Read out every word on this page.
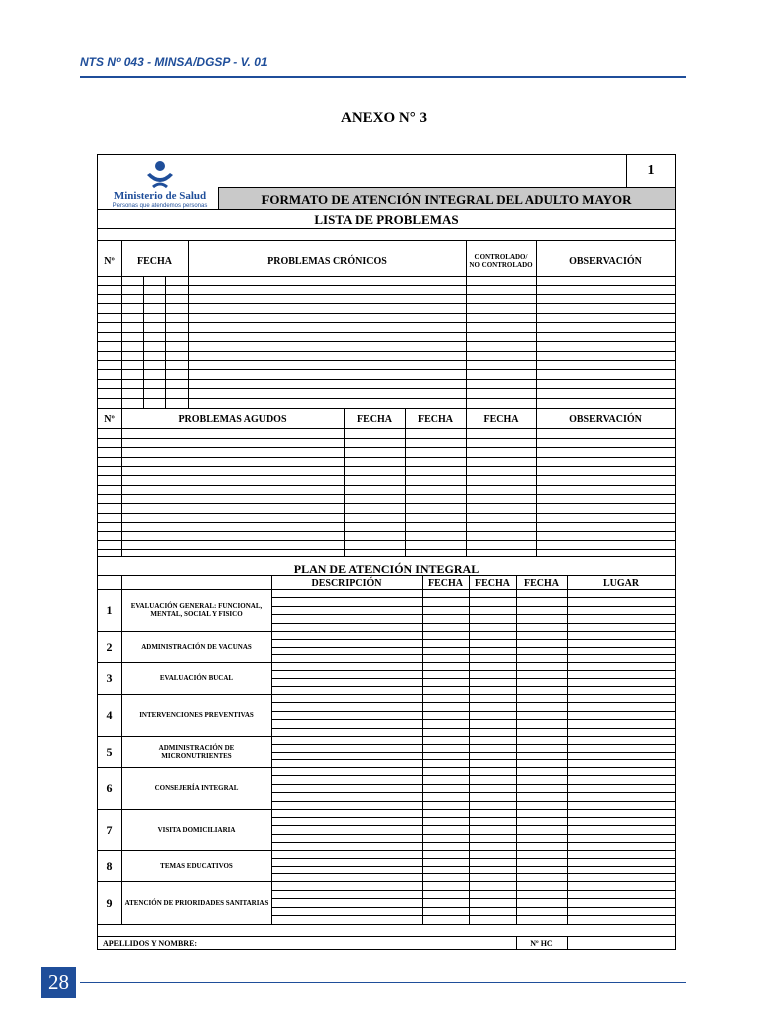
NTS Nº 043 - MINSA/DGSP - V. 01
ANEXO N° 3
Ministerio de Salud
Personas que atendemos personas
1
FORMATO DE ATENCIÓN INTEGRAL DEL ADULTO MAYOR
LISTA DE PROBLEMAS
Nº	FECHA	PROBLEMAS CRÓNICOS	CONTROLADO/
NO CONTROLADO	OBSERVACIÓN
Nº	PROBLEMAS AGUDOS	FECHA	FECHA	FECHA	OBSERVACIÓN
PLAN DE ATENCIÓN INTEGRAL
DESCRIPCIÓN	FECHA	FECHA	FECHA	LUGAR
1	EVALUACIÓN GENERAL: FUNCIONAL, MENTAL, SOCIAL Y FISICO
2	ADMINISTRACIÓN DE VACUNAS
3	EVALUACIÓN BUCAL
4	INTERVENCIONES PREVENTIVAS
5	ADMINISTRACIÓN DE MICRONUTRIENTES
6	CONSEJERÍA INTEGRAL
7	VISITA DOMICILIARIA
8	TEMAS EDUCATIVOS
9	ATENCIÓN DE PRIORIDADES SANITARIAS
APELLIDOS Y NOMBRE:	Nº HC
28
